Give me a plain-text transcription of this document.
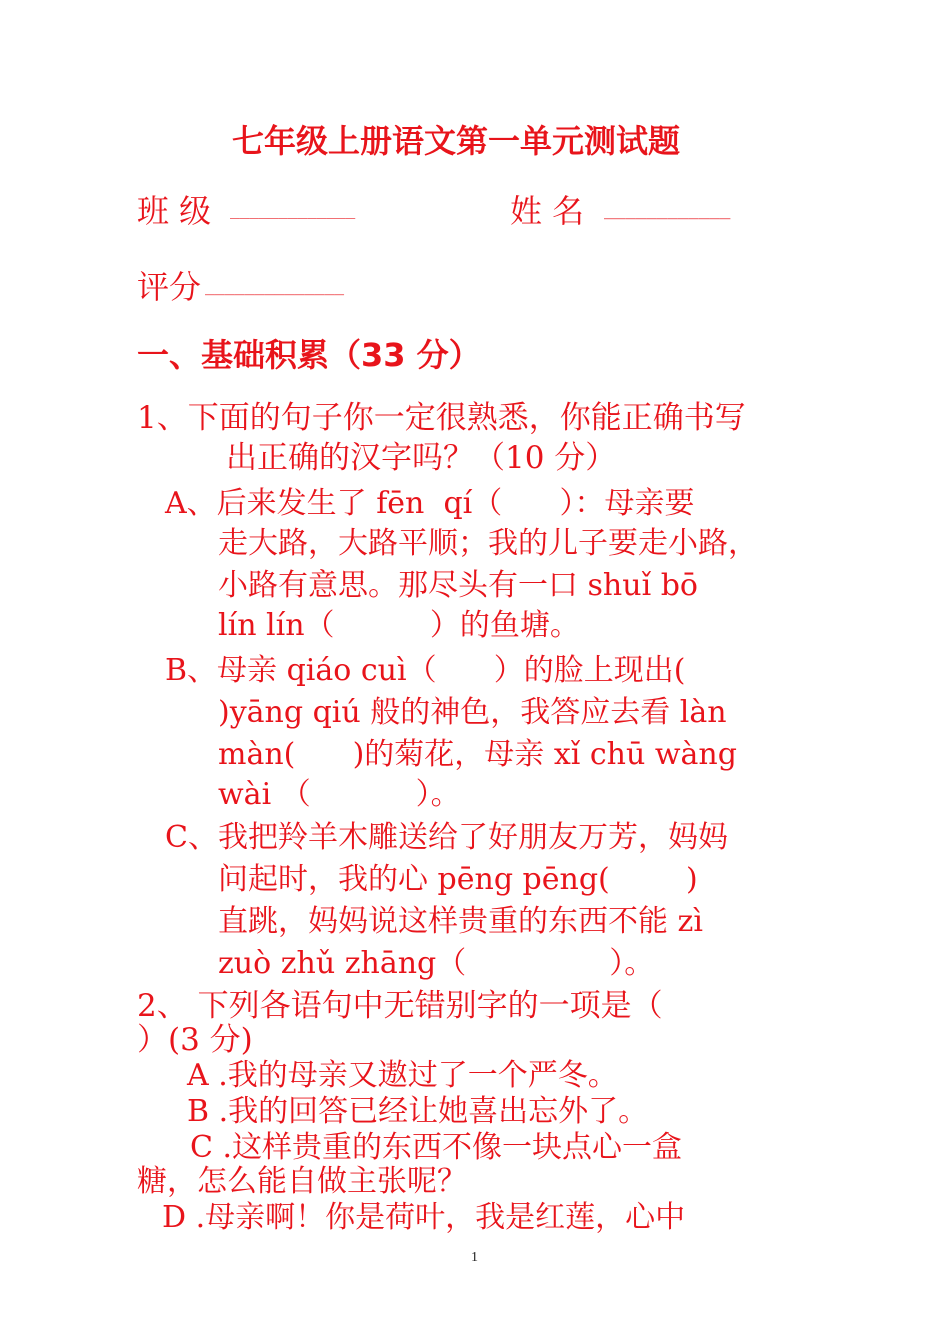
七年级上册语文第一单元测试题
班 级 _____________	姓 名 ____________
评分 ______________
一、基础积累（33 分）
1、下面的句子你一定很熟悉，你能正确书写
出正确的汉字吗？（10 分）
A、后来发生了 fēn  qí（      ）：母亲要
走大路，大路平顺；我的儿子要走小路，
小路有意思。那尽头有一口 shuǐ bō
lín lín（          ）的鱼塘。
B、母亲 qiáo cuì（      ）的脸上现出(
)yāng qiú 般的神色，我答应去看 làn
màn(      )的菊花，母亲 xǐ chū wàng
wài （           ）。
C、我把羚羊木雕送给了好朋友万芳，妈妈
问起时，我的心 pēng pēng(        )
直跳，妈妈说这样贵重的东西不能 zì
zuò zhǔ zhāng（               ）。
2、 下列各语句中无错别字的一项是（
）(3 分)
A .我的母亲又遨过了一个严冬。
B .我的回答已经让她喜出忘外了。
C .这样贵重的东西不像一块点心一盒
糖，怎么能自做主张呢？
D .母亲啊！你是荷叶，我是红莲，心中
1
